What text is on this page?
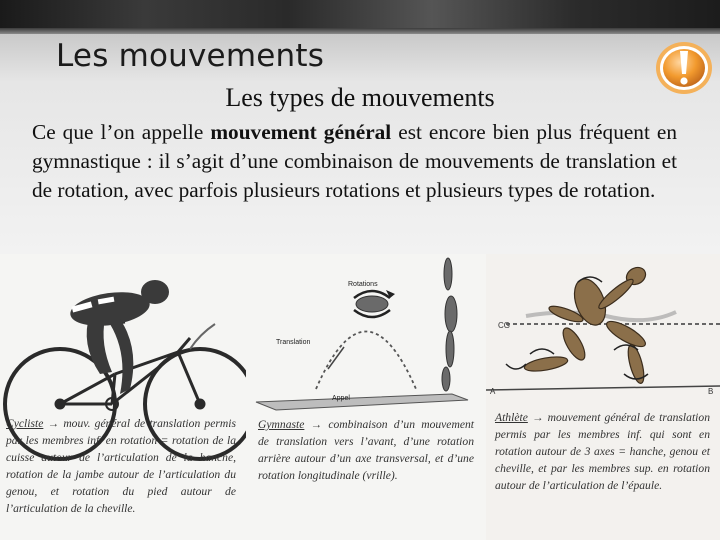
Les mouvements
Les types de mouvements

Ce que l’on appelle mouvement général est encore bien plus fréquent en gymnastique : il s’agit d’une combinaison de mouvements de translation et de rotation, avec parfois plusieurs rotations et plusieurs types de rotation.

Rotations
Translation
Appel
CG
A	B

Cycliste → mouv. général de translation permis par les membres inf. en rotation = rotation de la cuisse autour de l’articulation de la hanche, rotation de la jambe autour de l’articulation du genou, et rotation du pied autour de l’articulation de la cheville.

Gymnaste → combinaison d’un mouvement de translation vers l’avant, d’une rotation arrière autour d’un axe transversal, et d’une rotation longitudinale (vrille).

Athlète → mouvement général de translation permis par les membres inf. qui sont en rotation autour de 3 axes = hanche, genou et cheville, et par les membres sup. en rotation autour de l’articulation de l’épaule.
